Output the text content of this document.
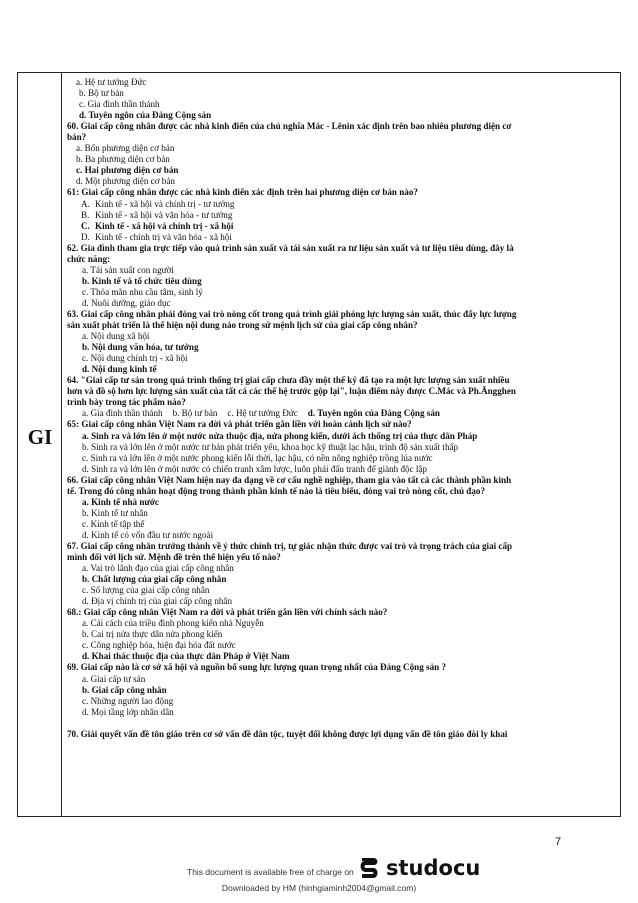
GI
a. Hệ tư tưởng Đức
b. Bộ tư bản
c. Gia đình thần thánh
d. Tuyên ngôn của Đảng Cộng sản
60. Giai cấp công nhân được các nhà kinh điển của chủ nghĩa Mác - Lênin xác định trên bao nhiêu phương diện cơ
bản?
a. Bốn phương diện cơ bản
b. Ba phương diện cơ bản
c. Hai phương diện cơ bản
d. Một phương diện cơ bản
61: Giai cấp công nhân được các nhà kinh điển xác định trên hai phương diện cơ bản nào?
A. Kinh tế - xã hội và chính trị - tư tưởng
B. Kinh tế - xã hội và văn hóa - tư tưởng
C. Kinh tế - xã hội và chính trị - xã hội
D. Kinh tế - chính trị và văn hóa - xã hội
62. Gia đình tham gia trực tiếp vào quá trình sản xuất và tái sản xuất ra tư liệu sản xuất và tư liệu tiêu dùng, đây là
chức năng:
a. Tái sản xuất con người
b. Kinh tế và tổ chức tiêu dùng
c. Thỏa mãn nhu cầu tâm, sinh lý
d. Nuôi dưỡng, giáo dục
63. Giai cấp công nhân phải đóng vai trò nòng cốt trong quá trình giải phóng lực lượng sản xuất, thúc đẩy lực lượng
sản xuất phát triển là thể hiện nội dung nào trong sứ mệnh lịch sử của giai cấp công nhân?
a. Nội dung xã hội
b. Nội dung văn hóa, tư tưởng
c. Nội dung chính trị - xã hội
d. Nội dung kinh tế
64. "Giai cấp tư sản trong quá trình thống trị giai cấp chưa đầy một thế kỷ đã tạo ra một lực lượng sản xuất nhiều
hơn và đồ sộ hơn lực lượng sản xuất của tất cả các thế hệ trước gộp lại", luận điểm này được C.Mác và Ph.Ăngghen
trình bày trong tác phẩm nào?
a. Gia đình thần thánh b. Bộ tư bản c. Hệ tư tưởng Đức d. Tuyên ngôn của Đảng Cộng sản
65: Giai cấp công nhân Việt Nam ra đời và phát triển gắn liền với hoàn cảnh lịch sử nào?
a. Sinh ra và lớn lên ở một nước nửa thuộc địa, nửa phong kiến, dưới ách thống trị của thực dân Pháp
b. Sinh ra và lớn lên ở một nước tư bản phát triển yếu, khoa học kỹ thuật lạc hậu, trình độ sản xuất thấp
c. Sinh ra và lớn lên ở một nước phong kiến lỗi thời, lạc hậu, có nền nông nghiệp trồng lúa nước
d. Sinh ra và lớn lên ở một nước có chiến tranh xâm lược, luôn phải đấu tranh để giành độc lập
66. Giai cấp công nhân Việt Nam hiện nay đa dạng về cơ cấu nghề nghiệp, tham gia vào tất cả các thành phần kinh
tế. Trong đó công nhân hoạt động trong thành phần kinh tế nào là tiêu biểu, đóng vai trò nòng cốt, chủ đạo?
a. Kinh tế nhà nước
b. Kinh tế tư nhân
c. Kinh tế tập thể
d. Kinh tế có vốn đầu tư nước ngoài
67. Giai cấp công nhân trưởng thành về ý thức chính trị, tự giác nhận thức được vai trò và trọng trách của giai cấp
mình đối với lịch sử. Mệnh đề trên thể hiện yếu tố nào?
a. Vai trò lãnh đạo của giai cấp công nhân
b. Chất lượng của giai cấp công nhân
c. Số lượng của giai cấp công nhân
d. Địa vị chính trị của giai cấp công nhân
68.: Giai cấp công nhân Việt Nam ra đời và phát triển gắn liền với chính sách nào?
a. Cải cách của triều đình phong kiến nhà Nguyễn
b. Cai trị nửa thực dân nửa phong kiến
c. Công nghiệp hóa, hiện đại hóa đất nước
d. Khai thác thuộc địa của thực dân Pháp ở Việt Nam
69. Giai cấp nào là cơ sở xã hội và nguồn bổ sung lực lượng quan trọng nhất của Đảng Cộng sản ?
a. Giai cấp tư sản
b. Giai cấp công nhân
c. Những người lao động
d. Mọi tầng lớp nhân dân

70. Giải quyết vấn đề tôn giáo trên cơ sở vấn đề dân tộc, tuyệt đối không được lợi dụng vấn đề tôn giáo đòi ly khai
7
This document is available free of charge on studocu
Downloaded by HM (hinhgiaminh2004@gmail.com)
